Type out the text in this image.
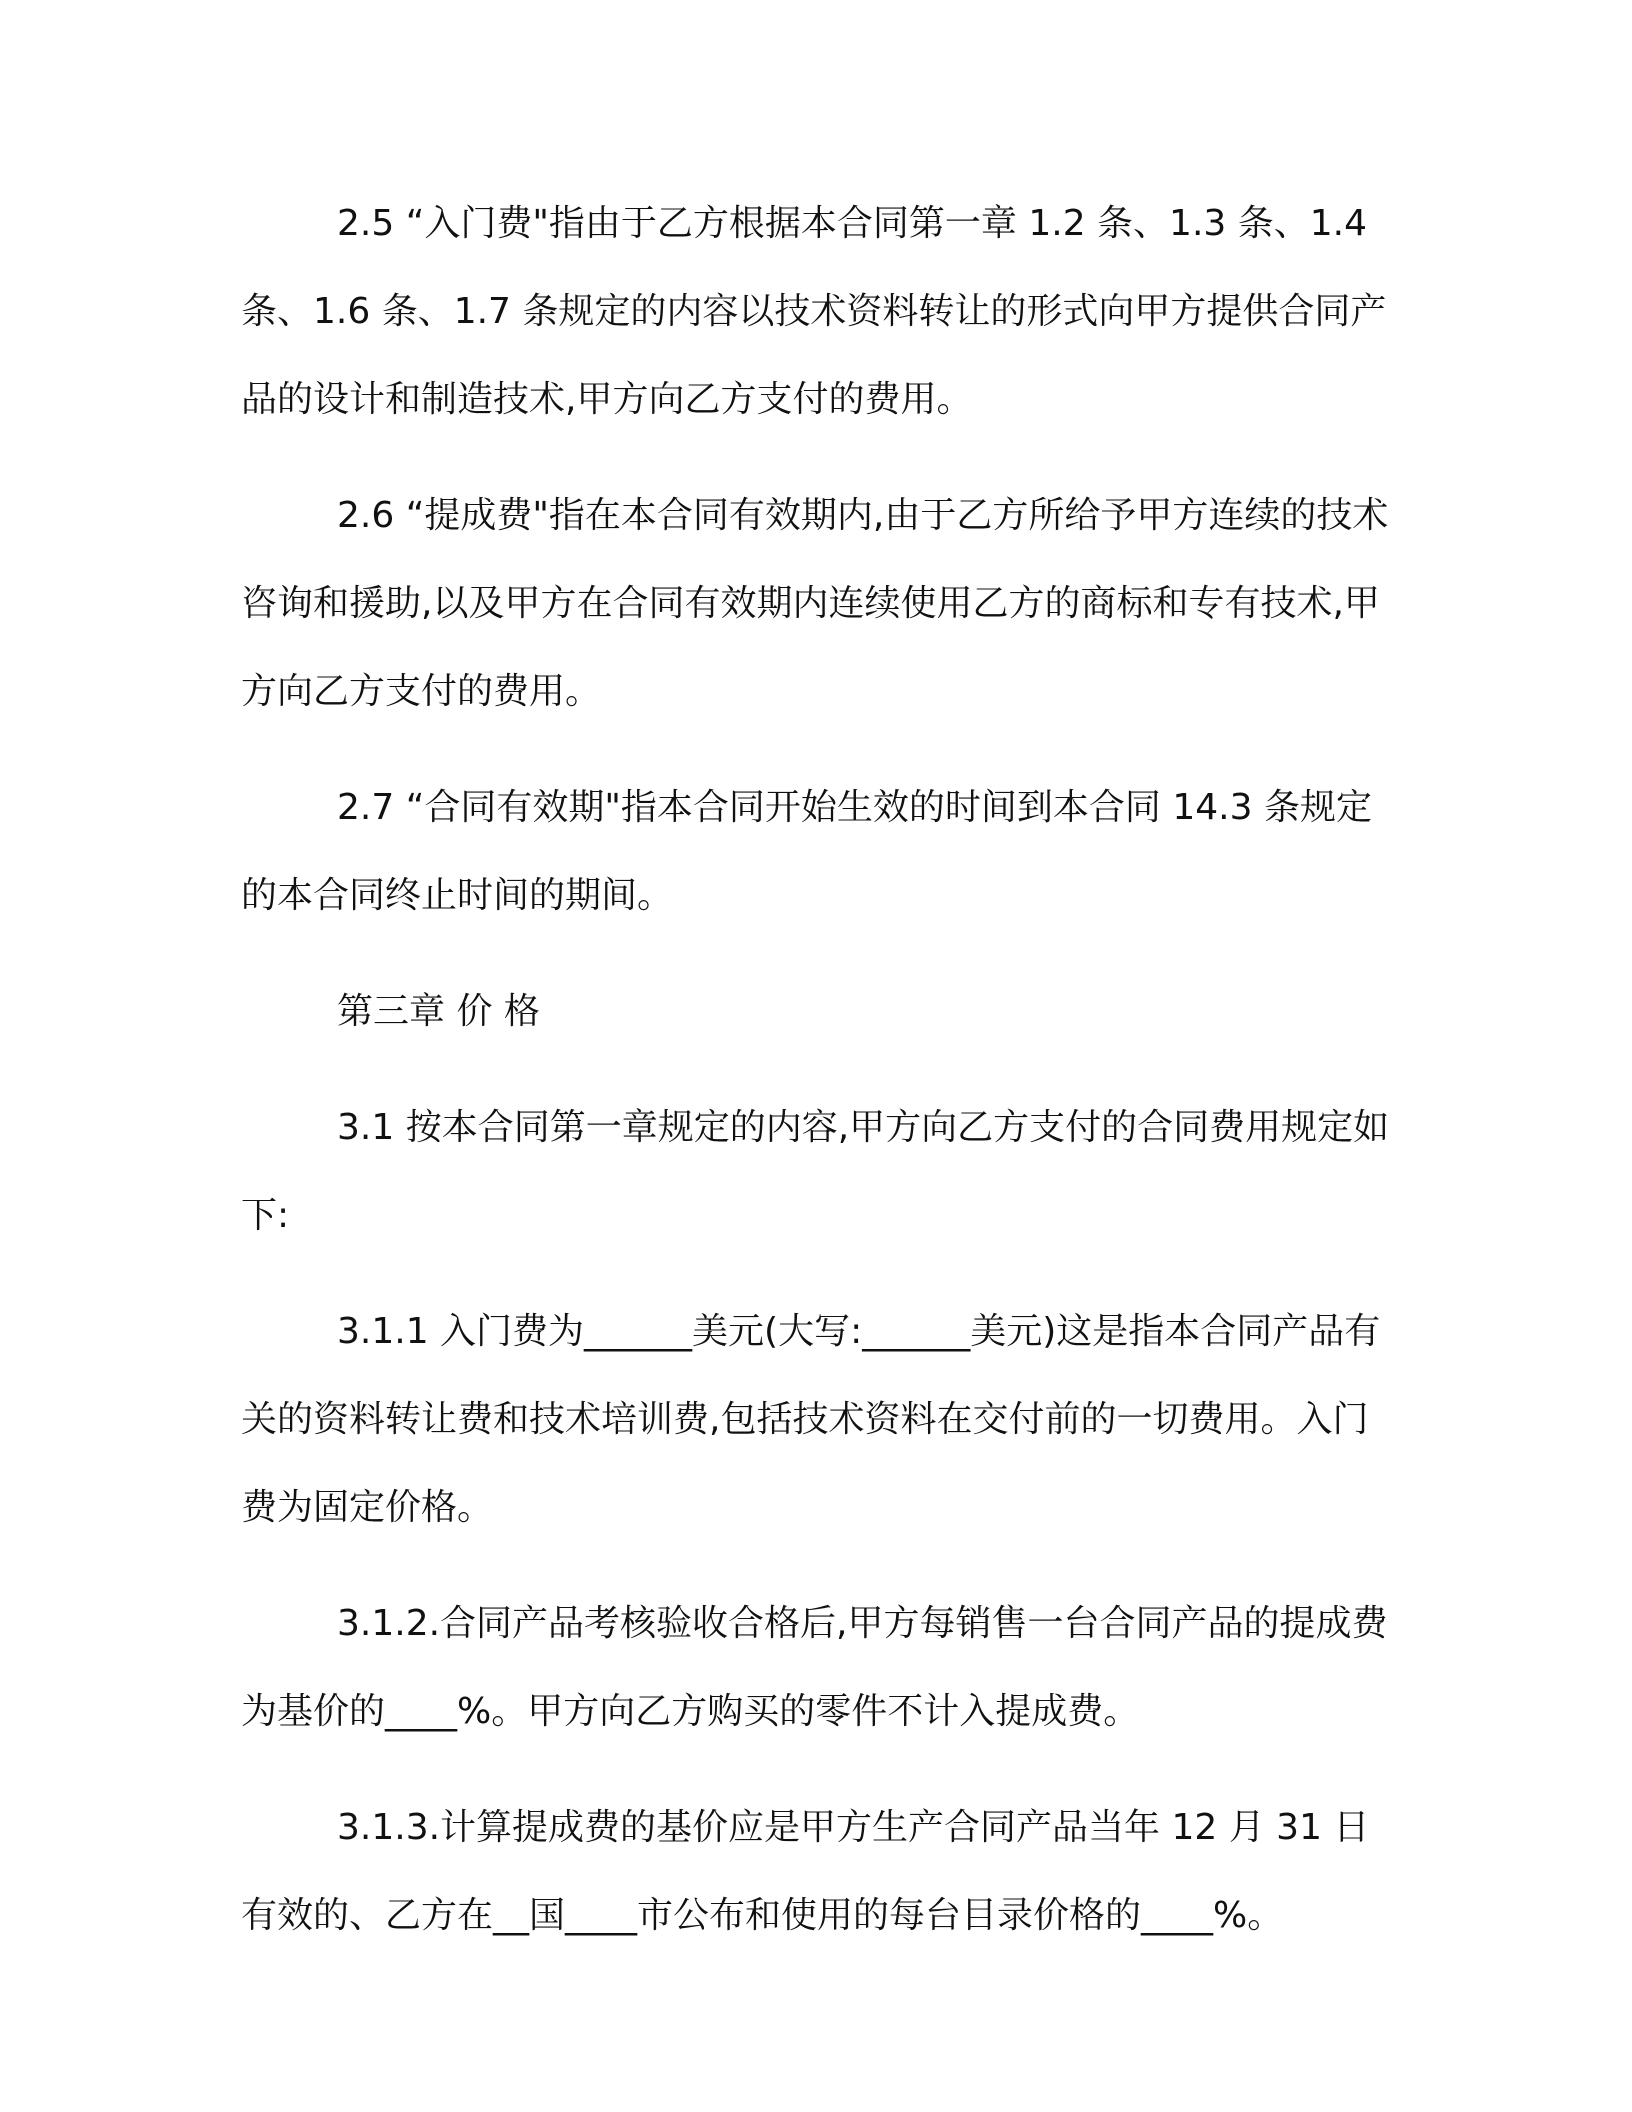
2.5 “入门费"指由于乙方根据本合同第一章 1.2 条、1.3 条、1.4 条、1.6 条、1.7 条规定的内容以技术资料转让的形式向甲方提供合同产品的设计和制造技术,甲方向乙方支付的费用。

2.6 “提成费"指在本合同有效期内,由于乙方所给予甲方连续的技术咨询和援助,以及甲方在合同有效期内连续使用乙方的商标和专有技术,甲方向乙方支付的费用。

2.7 “合同有效期"指本合同开始生效的时间到本合同 14.3 条规定的本合同终止时间的期间。

第三章 价 格

3.1 按本合同第一章规定的内容,甲方向乙方支付的合同费用规定如下:

3.1.1 入门费为______美元(大写:______美元)这是指本合同产品有关的资料转让费和技术培训费,包括技术资料在交付前的一切费用。入门费为固定价格。

3.1.2.合同产品考核验收合格后,甲方每销售一台合同产品的提成费为基价的____%。甲方向乙方购买的零件不计入提成费。

3.1.3.计算提成费的基价应是甲方生产合同产品当年 12 月 31 日有效的、乙方在__国____市公布和使用的每台目录价格的____%。
